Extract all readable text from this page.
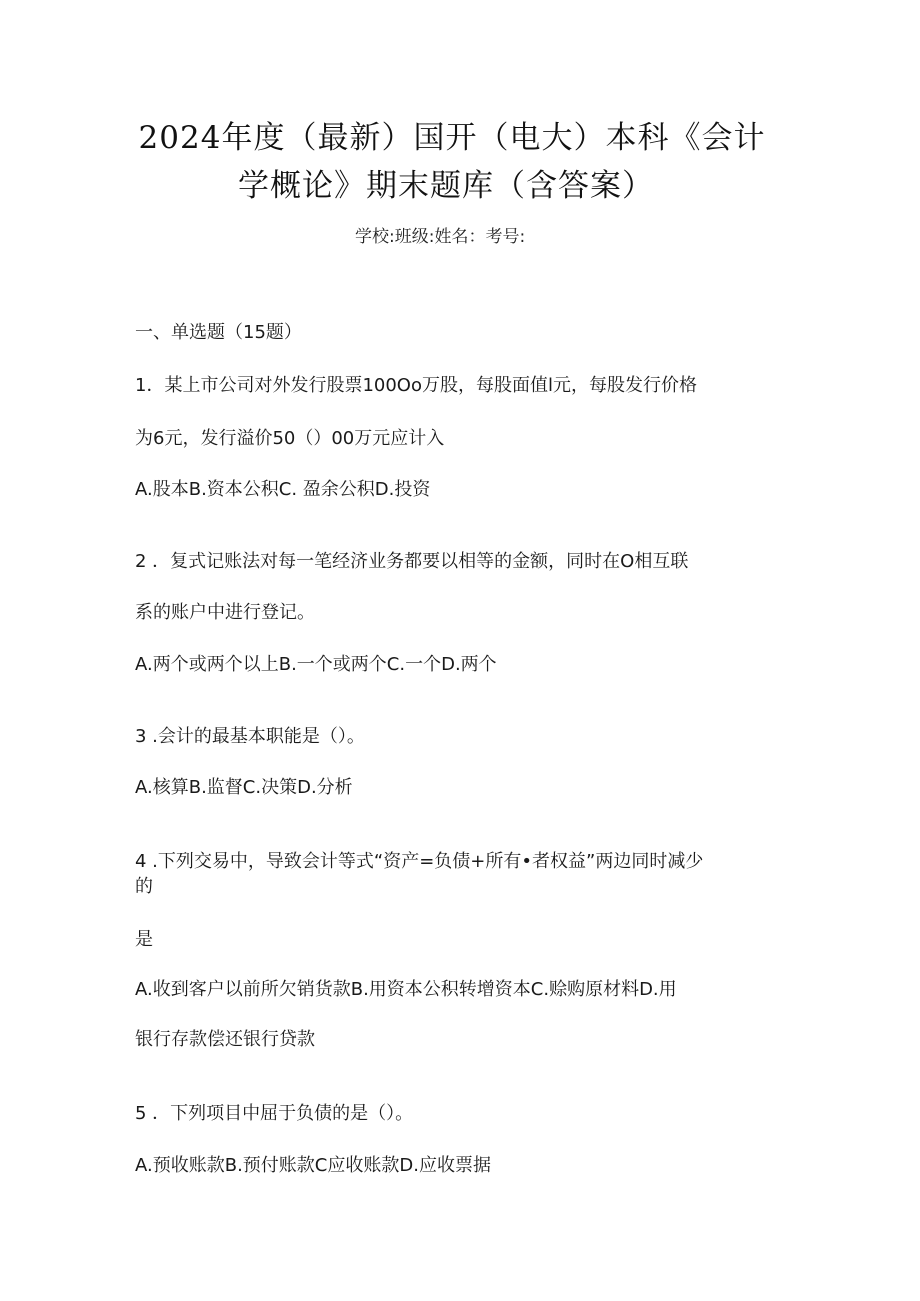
2024年度（最新）国开（电大）本科《会计
学概论》期末题库（含答案）
学校:班级:姓名：考号:
一、单选题（15题）
1．某上市公司对外发行股票100Oo万股，每股面值l元，每股发行价格
为6元，发行溢价50（）00万元应计入
A.股本B.资本公积C. 盈余公积D.投资
2 ．复式记账法对每一笔经济业务都要以相等的金额，同时在O相互联
系的账户中进行登记。
A.两个或两个以上B.一个或两个C.一个D.两个
3 .会计的最基本职能是（）。
A.核算B.监督C.决策D.分析
4 .下列交易中，导致会计等式“资产=负债+所有•者权益”两边同时减少
的
是
A.收到客户以前所欠销货款B.用资本公积转增资本C.赊购原材料D.用
银行存款偿还银行贷款
5 ．下列项目中屈于负债的是（）。
A.预收账款B.预付账款C应收账款D.应收票据
